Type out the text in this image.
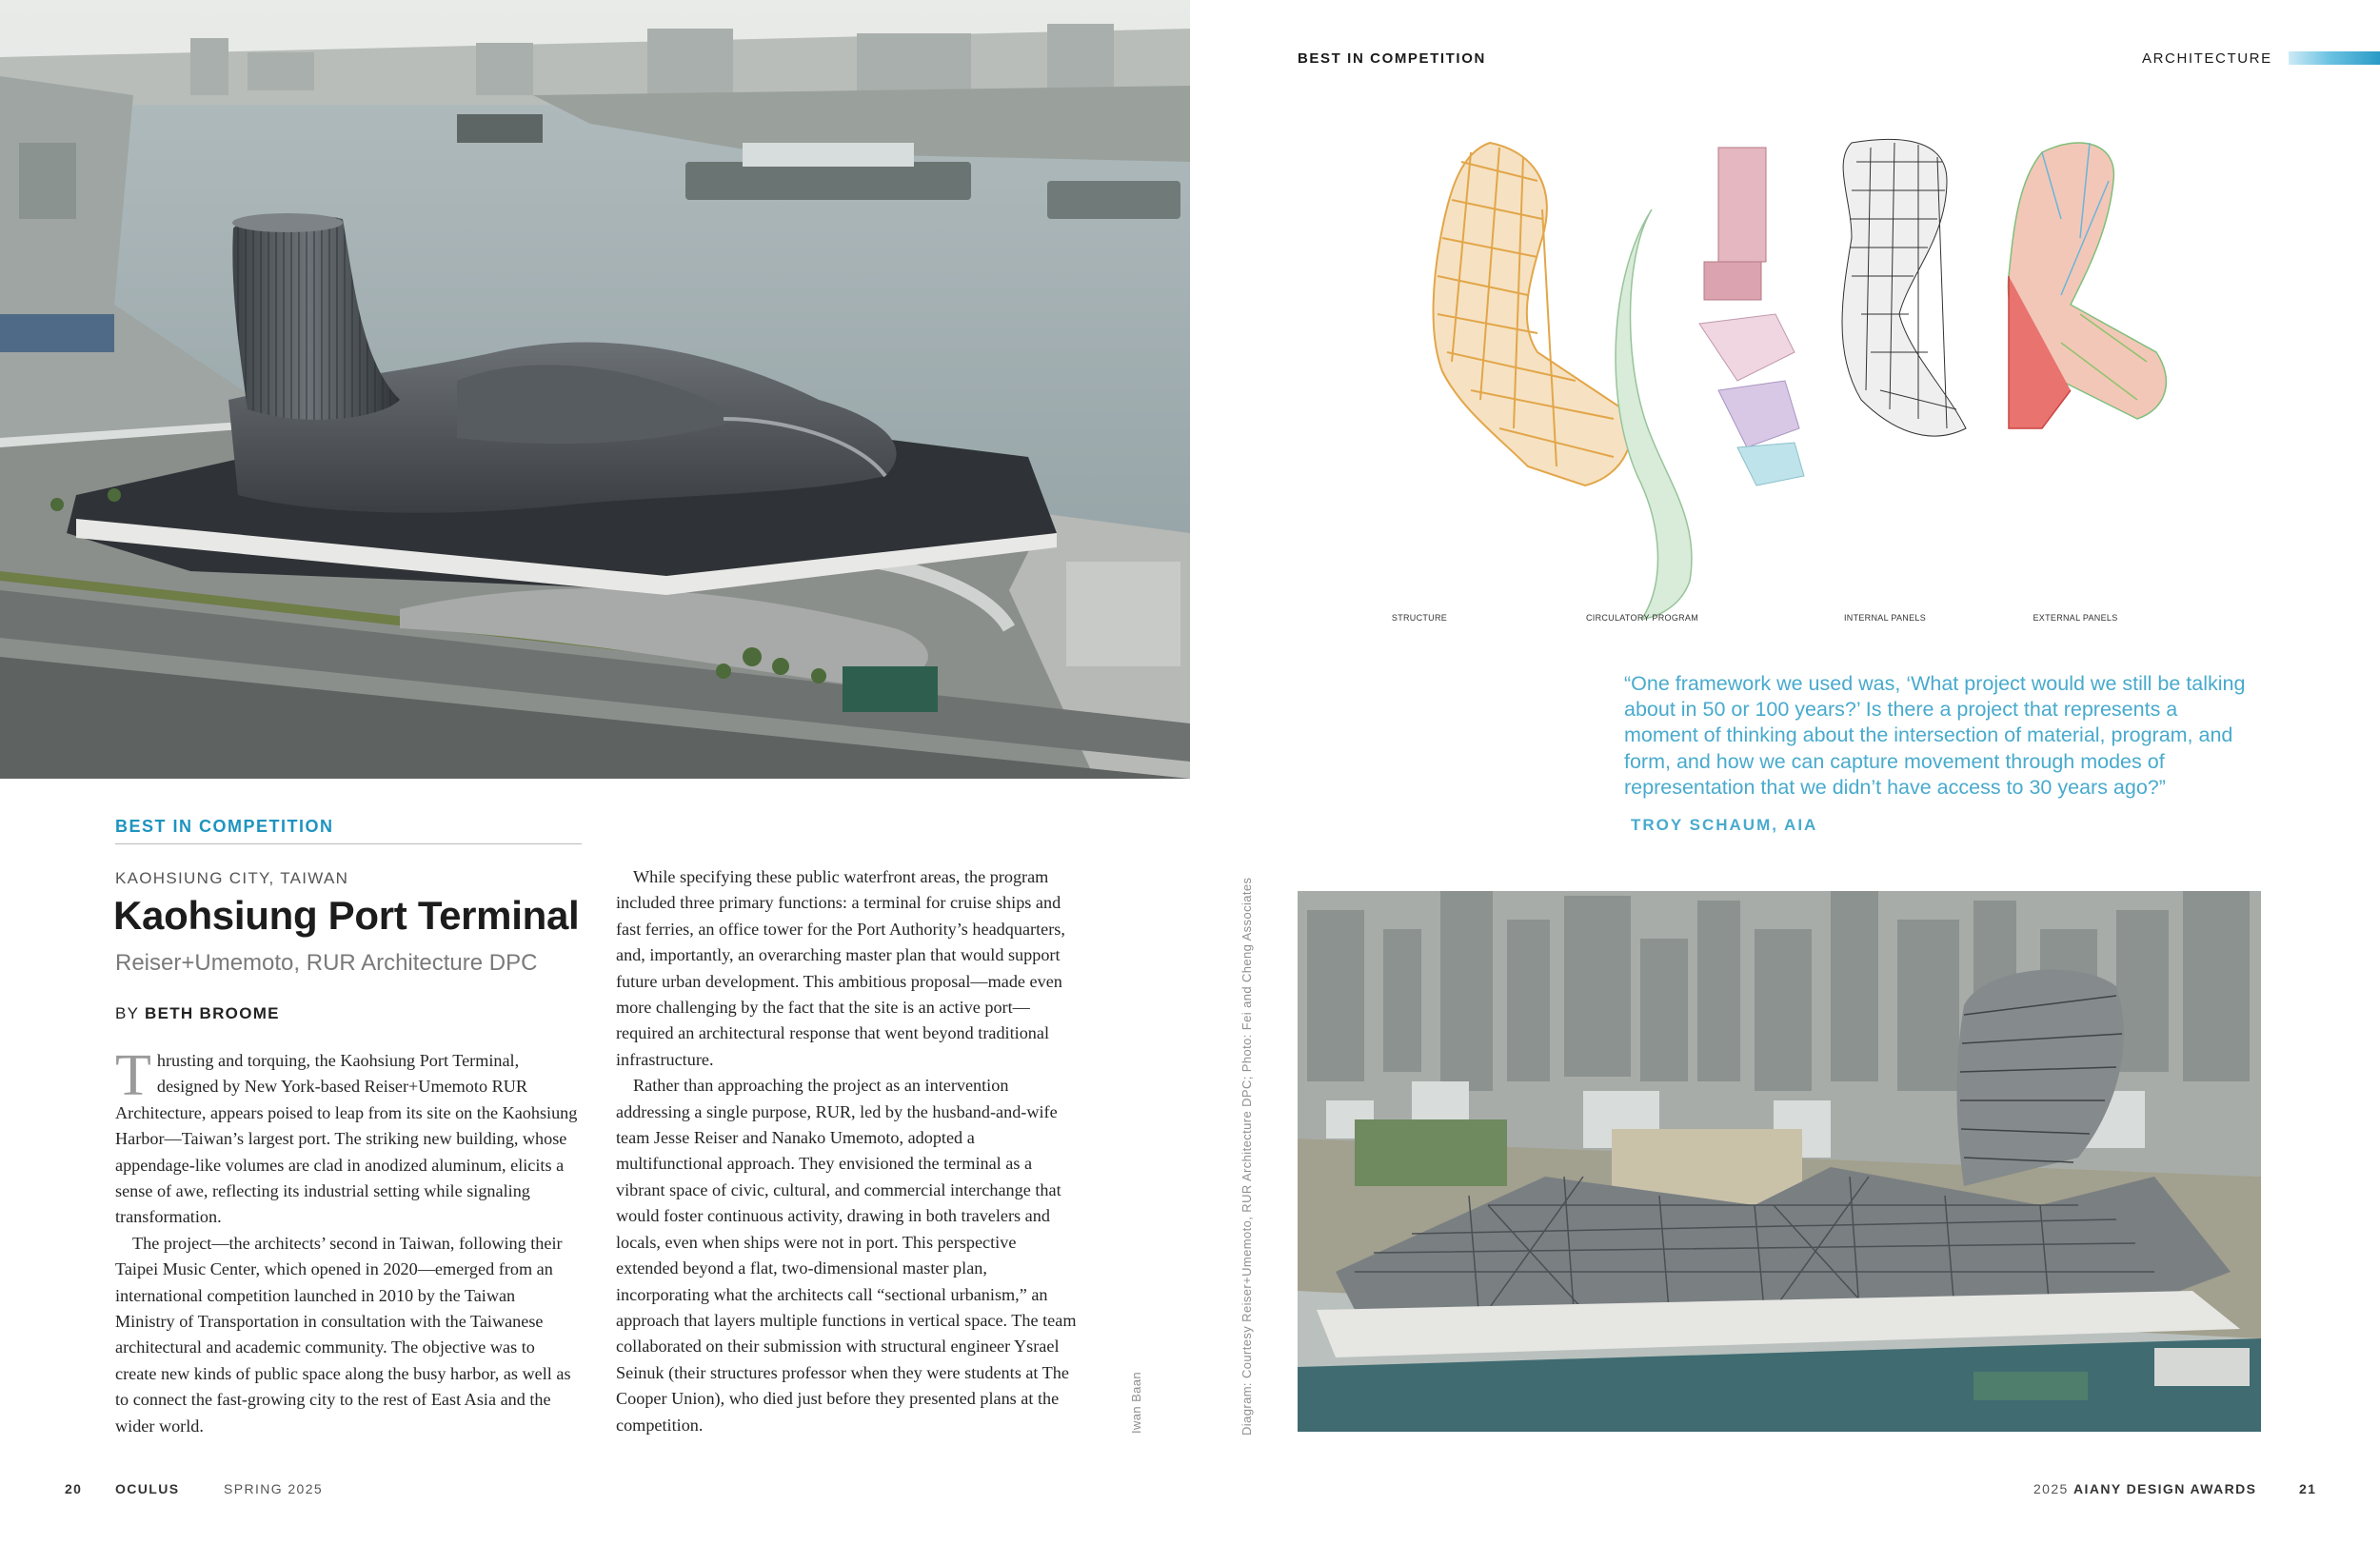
BEST IN COMPETITION
KAOHSIUNG CITY, TAIWAN
Kaohsiung Port Terminal
Reiser+Umemoto, RUR Architecture DPC
BY BETH BROOME

Thrusting and torquing, the Kaohsiung Port Terminal, designed by New York-based Reiser+Umemoto RUR Architecture, appears poised to leap from its site on the Kaohsiung Harbor—Taiwan’s largest port. The striking new building, whose appendage-like volumes are clad in anodized aluminum, elicits a sense of awe, reflecting its industrial setting while signaling transformation.

The project—the architects’ second in Taiwan, following their Taipei Music Center, which opened in 2020—emerged from an international competition launched in 2010 by the Taiwan Ministry of Transportation in consultation with the Taiwanese architectural and academic community. The objective was to create new kinds of public space along the busy harbor, as well as to connect the fast-growing city to the rest of East Asia and the wider world.

While specifying these public waterfront areas, the program included three primary functions: a terminal for cruise ships and fast ferries, an office tower for the Port Authority’s headquarters, and, importantly, an overarching master plan that would support future urban development. This ambitious proposal—made even more challenging by the fact that the site is an active port—required an architectural response that went beyond traditional infrastructure.

Rather than approaching the project as an intervention addressing a single purpose, RUR, led by the husband-and-wife team Jesse Reiser and Nanako Umemoto, adopted a multifunctional approach. They envisioned the terminal as a vibrant space of civic, cultural, and commercial interchange that would foster continuous activity, drawing in both travelers and locals, even when ships were not in port. This perspective extended beyond a flat, two-dimensional master plan, incorporating what the architects call “sectional urbanism,” an approach that layers multiple functions in vertical space. The team collaborated on their submission with structural engineer Ysrael Seinuk (their structures professor when they were students at The Cooper Union), who died just before they presented plans at the competition.	Iwan Baan	Diagram: Courtesy Reiser+Umemoto, RUR Architecture DPC; Photo: Fei and Cheng Associates
20 OCULUS	SPRING 2025	2025 AIANY DESIGN AWARDS	21
BEST IN COMPETITION	ARCHITECTURE
STRUCTURE	CIRCULATORY PROGRAM	INTERNAL PANELS	EXTERNAL PANELS
“One framework we used was, ‘What project would we still be talking about in 50 or 100 years?’ Is there a project that represents a moment of thinking about the intersection of material, program, and form, and how we can capture movement through modes of representation that we didn’t have access to 30 years ago?”
TROY SCHAUM, AIA
